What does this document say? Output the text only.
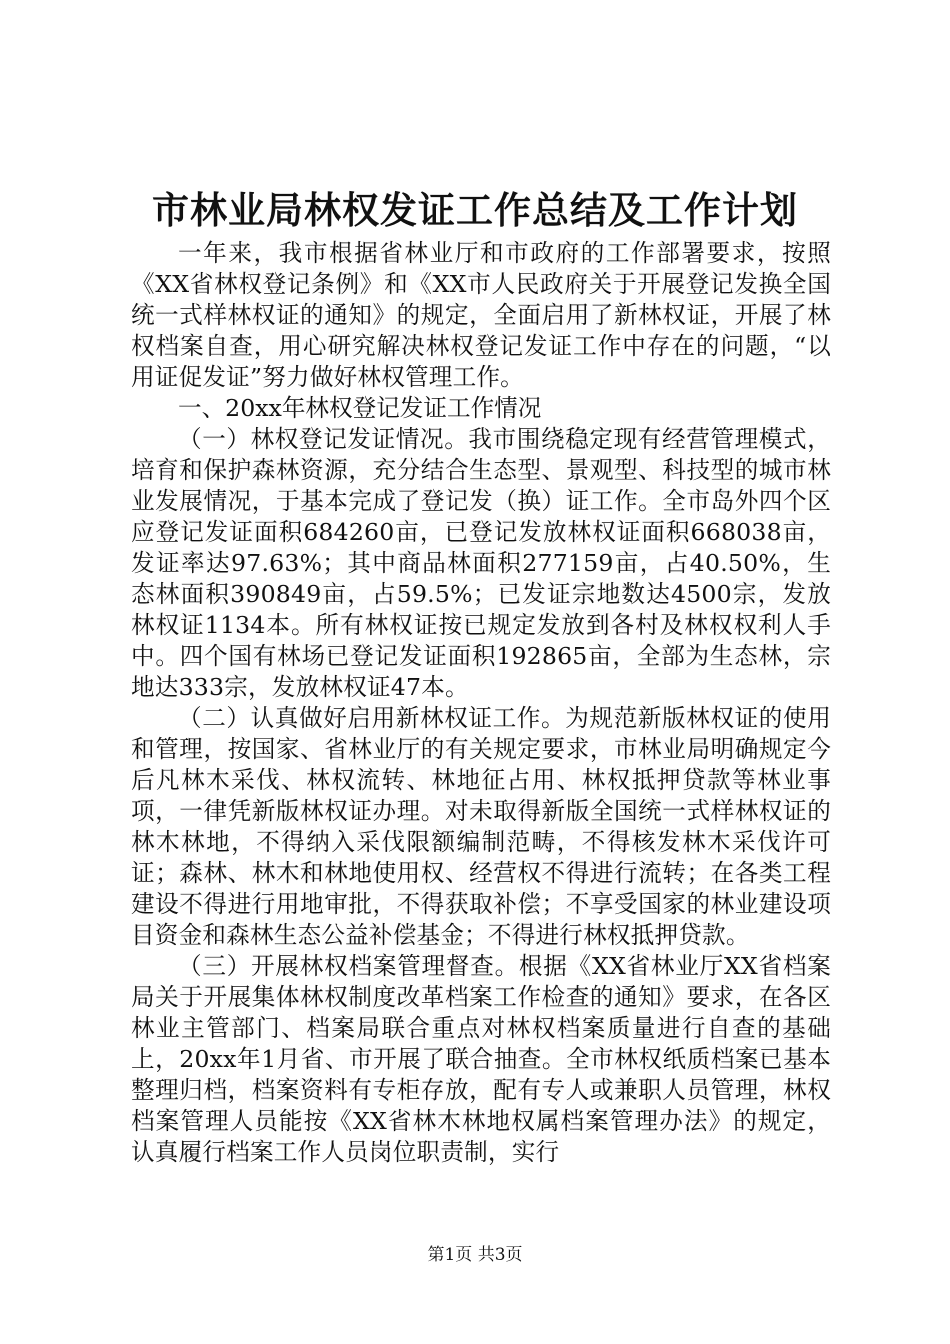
市林业局林权发证工作总结及工作计划

一年来，我市根据省林业厅和市政府的工作部署要求，按照《XX省林权登记条例》和《XX市人民政府关于开展登记发换全国统一式样林权证的通知》的规定，全面启用了新林权证，开展了林权档案自查，用心研究解决林权登记发证工作中存在的问题，“以用证促发证”努力做好林权管理工作。

一、20xx年林权登记发证工作情况

（一）林权登记发证情况。我市围绕稳定现有经营管理模式，培育和保护森林资源，充分结合生态型、景观型、科技型的城市林业发展情况，于基本完成了登记发（换）证工作。全市岛外四个区应登记发证面积684260亩，已登记发放林权证面积668038亩，发证率达97.63%；其中商品林面积277159亩，占40.50%，生态林面积390849亩，占59.5%；已发证宗地数达4500宗，发放林权证1134本。所有林权证按已规定发放到各村及林权权利人手中。四个国有林场已登记发证面积192865亩，全部为生态林，宗地达333宗，发放林权证47本。

（二）认真做好启用新林权证工作。为规范新版林权证的使用和管理，按国家、省林业厅的有关规定要求，市林业局明确规定今后凡林木采伐、林权流转、林地征占用、林权抵押贷款等林业事项，一律凭新版林权证办理。对未取得新版全国统一式样林权证的林木林地，不得纳入采伐限额编制范畴，不得核发林木采伐许可证；森林、林木和林地使用权、经营权不得进行流转；在各类工程建设不得进行用地审批，不得获取补偿；不享受国家的林业建设项目资金和森林生态公益补偿基金；不得进行林权抵押贷款。

（三）开展林权档案管理督查。根据《XX省林业厅XX省档案局关于开展集体林权制度改革档案工作检查的通知》要求，在各区林业主管部门、档案局联合重点对林权档案质量进行自查的基础上，20xx年1月省、市开展了联合抽查。全市林权纸质档案已基本整理归档，档案资料有专柜存放，配有专人或兼职人员管理，林权档案管理人员能按《XX省林木林地权属档案管理办法》的规定，认真履行档案工作人员岗位职责制，实行

第1页 共3页
